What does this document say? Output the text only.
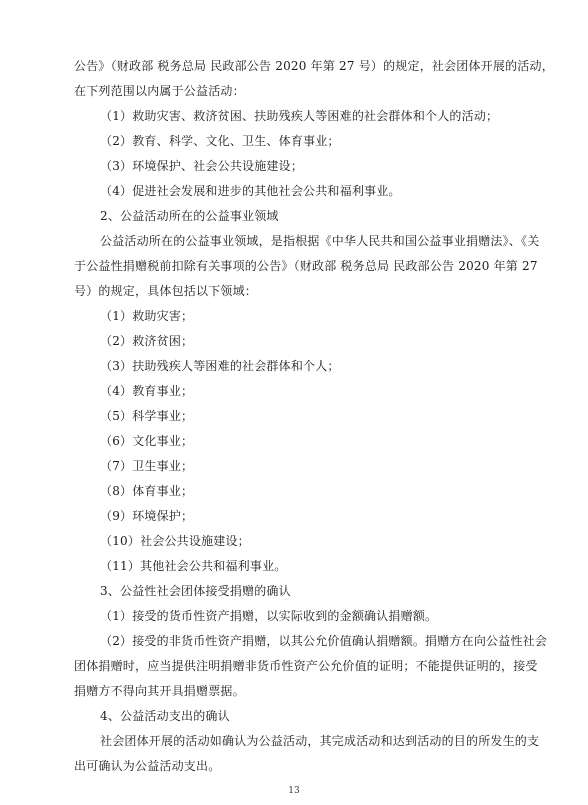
公告》（财政部 税务总局 民政部公告 2020 年第 27 号）的规定，社会团体开展的活动，
在下列范围以内属于公益活动：
（1）救助灾害、救济贫困、扶助残疾人等困难的社会群体和个人的活动；
（2）教育、科学、文化、卫生、体育事业；
（3）环境保护、社会公共设施建设；
（4）促进社会发展和进步的其他社会公共和福利事业。
2、公益活动所在的公益事业领域
公益活动所在的公益事业领域，是指根据《中华人民共和国公益事业捐赠法》、《关
于公益性捐赠税前扣除有关事项的公告》（财政部 税务总局 民政部公告 2020 年第 27
号）的规定，具体包括以下领域：
（1）救助灾害；
（2）救济贫困；
（3）扶助残疾人等困难的社会群体和个人；
（4）教育事业；
（5）科学事业；
（6）文化事业；
（7）卫生事业；
（8）体育事业；
（9）环境保护；
（10）社会公共设施建设；
（11）其他社会公共和福利事业。
3、公益性社会团体接受捐赠的确认
（1）接受的货币性资产捐赠，以实际收到的金额确认捐赠额。
（2）接受的非货币性资产捐赠，以其公允价值确认捐赠额。捐赠方在向公益性社会
团体捐赠时，应当提供注明捐赠非货币性资产公允价值的证明；不能提供证明的，接受
捐赠方不得向其开具捐赠票据。
4、公益活动支出的确认
社会团体开展的活动如确认为公益活动，其完成活动和达到活动的目的所发生的支
出可确认为公益活动支出。
13
